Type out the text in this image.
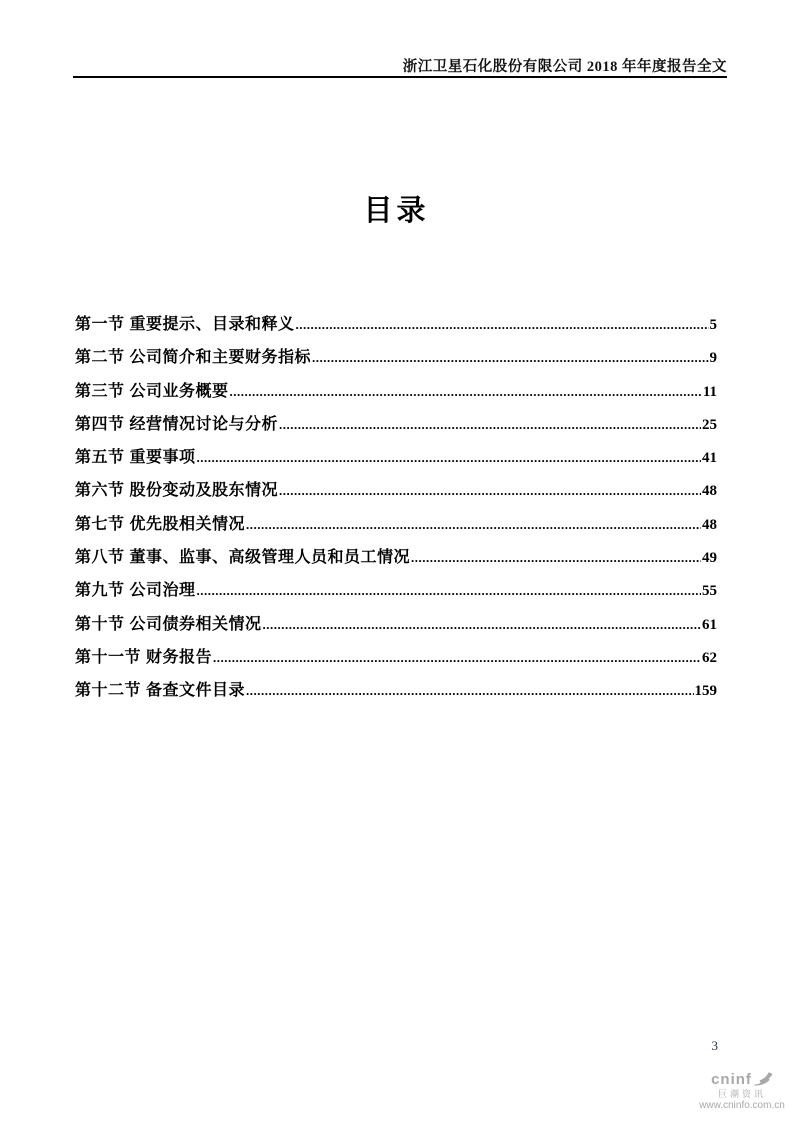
浙江卫星石化股份有限公司 2018 年年度报告全文
目录
第一节 重要提示、目录和释义 .....	5
第二节 公司简介和主要财务指标 .....	9
第三节 公司业务概要 .....	11
第四节 经营情况讨论与分析 .....	25
第五节 重要事项 .....	41
第六节 股份变动及股东情况 .....	48
第七节 优先股相关情况 .....	48
第八节 董事、监事、高级管理人员和员工情况 .....	49
第九节 公司治理 .....	55
第十节 公司债券相关情况 .....	61
第十一节 财务报告 .....	62
第十二节 备查文件目录 .....	159
3
cninf
巨潮资讯
www.cninfo.com.cn
